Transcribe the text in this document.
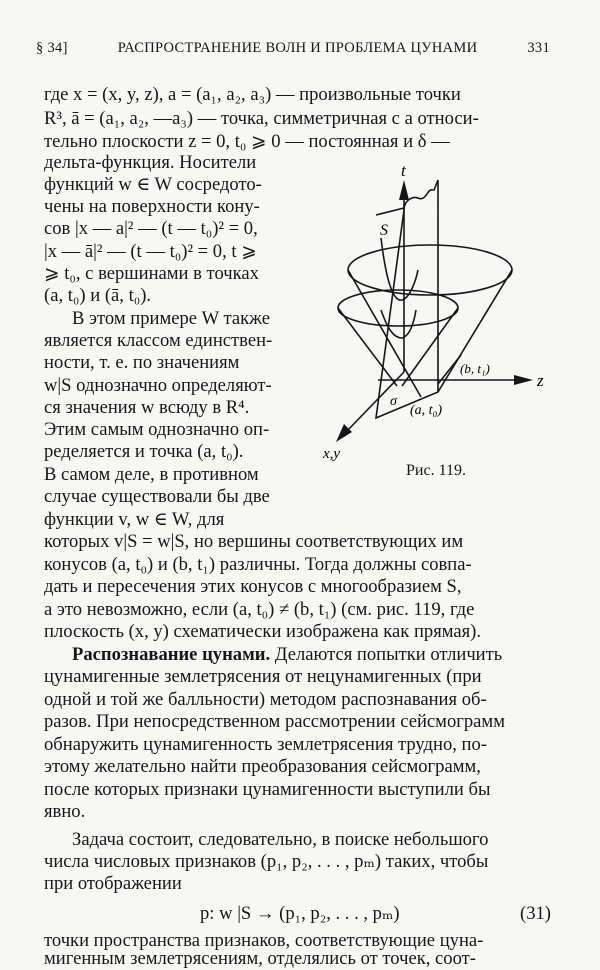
§ 34]	РАСПРОСТРАНЕНИЕ ВОЛН И ПРОБЛЕМА ЦУНАМИ	331
где x = (x, y, z), a = (a₁, a₂, a₃) — произвольные точки
R³, ā = (a₁, a₂, —a₃) — точка, симметричная с a относи-
тельно плоскости z = 0, t₀ ⩾ 0 — постоянная и δ —
дельта-функция. Носители
функций w ∈ W сосредото-
чены на поверхности кону-
сов |x — a|² — (t — t₀)² = 0,
|x — ā|² — (t — t₀)² = 0, t ⩾
⩾ t₀, с вершинами в точках
(a, t₀) и (ā, t₀).
В этом примере W также
является классом единствен-
ности, т. е. по значениям
w|S однозначно определяют-
ся значения w всюду в R⁴.
Этим самым однозначно оп-
ределяется и точка (a, t₀).
В самом деле, в противном
случае существовали бы две
функции v, w ∈ W, для
которых v|S = w|S, но вершины соответствующих им
конусов (a, t₀) и (b, t₁) различны. Тогда должны совпа-
дать и пересечения этих конусов с многообразием S,
а это невозможно, если (a, t₀) ≠ (b, t₁) (см. рис. 119, где
плоскость (x, y) схематически изображена как прямая).
Распознавание цунами. Делаются попытки отличить
цунамигенные землетрясения от нецунамигенных (при
одной и той же балльности) методом распознавания об-
разов. При непосредственном рассмотрении сейсмограмм
обнаружить цунамигенность землетрясения трудно, по-
этому желательно найти преобразования сейсмограмм,
после которых признаки цунамигенности выступили бы
явно.
Задача состоит, следовательно, в поиске небольшого
числа числовых признаков (p₁, p₂, . . . , pₘ) таких, чтобы
при отображении
p: w |S → (p₁, p₂, . . . , pₘ)	(31)
точки пространства признаков, соответствующие цуна-
мигенным землетрясениям, отделялись от точек, соот-
t
z
x,y
S
σ
(a, t₀)
(b, t₁)
Рис. 119.
